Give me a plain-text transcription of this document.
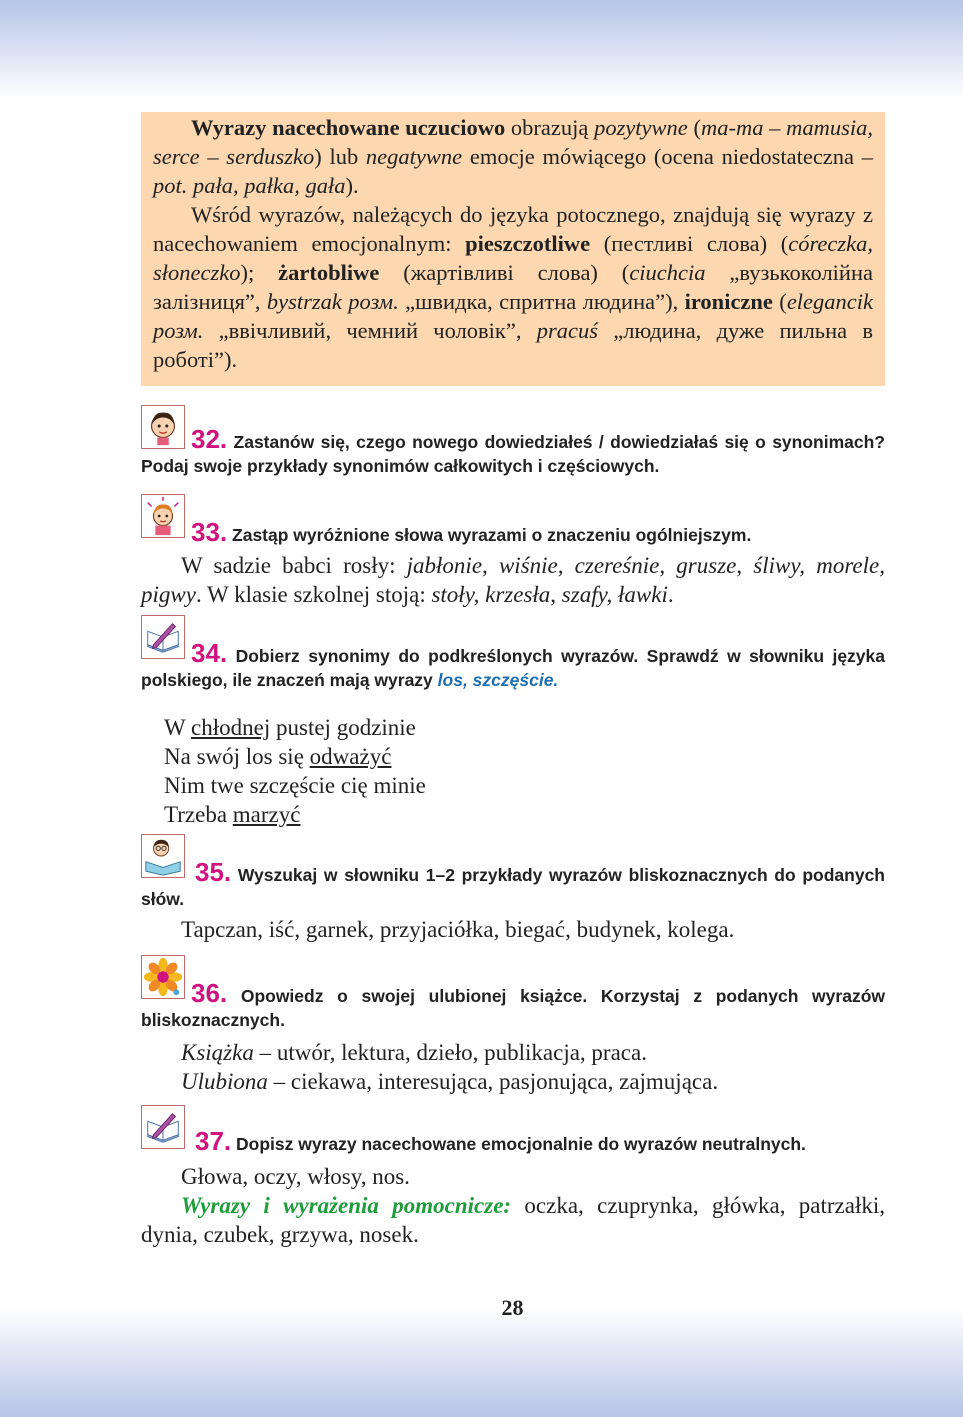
Wyrazy nacechowane uczuciowo obrazują pozytywne (ma-ma – mamusia, serce – serduszko) lub negatywne emocje mówiącego (ocena niedostateczna – pot. pała, pałka, gała).

Wśród wyrazów, należących do języka potocznego, znajdują się wyrazy z nacechowaniem emocjonalnym: pieszczotliwe (пестливі слова) (córeczka, słoneczko); żartobliwe (жартівливі слова) (ciuchcia „вузькоколійна залізниця”, bystrzak розм. „швидка, спритна людина”), ironiczne (elegancik розм. „ввічливий, чемний чоловік”, pracuś „людина, дуже пильна в роботі”).

32. Zastanów się, czego nowego dowiedziałeś / dowiedziałaś się o synonimach? Podaj swoje przykłady synonimów całkowitych i częściowych.

33. Zastąp wyróżnione słowa wyrazami o znaczeniu ogólniejszym.

W sadzie babci rosły: jabłonie, wiśnie, czereśnie, grusze, śliwy, morele, pigwy. W klasie szkolnej stoją: stoły, krzesła, szafy, ławki.

34. Dobierz synonimy do podkreślonych wyrazów. Sprawdź w słowniku języka polskiego, ile znaczeń mają wyrazy los, szczęście.

W chłodnej pustej godzinie

Na swój los się odważyć

Nim twe szczęście cię minie

Trzeba marzyć

35. Wyszukaj w słowniku 1–2 przykłady wyrazów bliskoznacznych do podanych słów.

Tapczan, iść, garnek, przyjaciółka, biegać, budynek, kolega.

36. Opowiedz o swojej ulubionej książce. Korzystaj z podanych wyrazów bliskoznacznych.

Książka – utwór, lektura, dzieło, publikacja, praca.

Ulubiona – ciekawa, interesująca, pasjonująca, zajmująca.

37. Dopisz wyrazy nacechowane emocjonalnie do wyrazów neutralnych.

Głowa, oczy, włosy, nos.

Wyrazy i wyrażenia pomocnicze: oczka, czuprynka, główka, patrzałki, dynia, czubek, grzywa, nosek.

28
